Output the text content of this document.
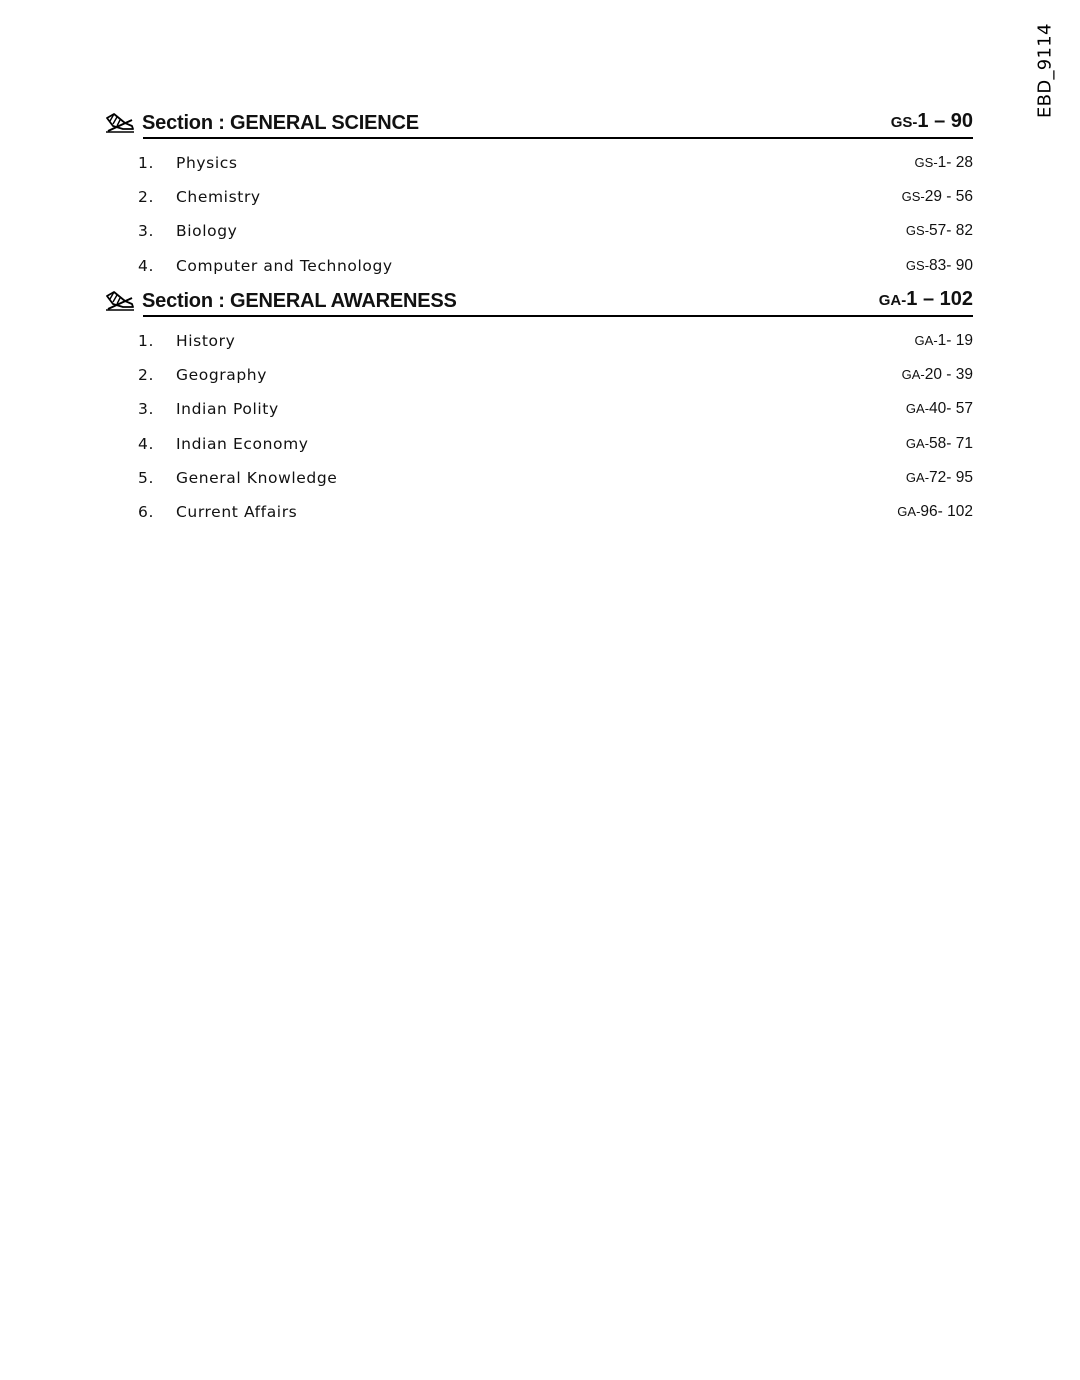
EBD_9114
Section : GENERAL SCIENCE	GS-1 – 90
1.	Physics	GS-1- 28
2.	Chemistry	GS-29 - 56
3.	Biology	GS-57- 82
4.	Computer and Technology	GS-83- 90
Section : GENERAL AWARENESS	GA-1 – 102
1.	History	GA-1- 19
2.	Geography	GA-20 - 39
3.	Indian Polity	GA-40- 57
4.	Indian Economy	GA-58- 71
5.	General Knowledge	GA-72- 95
6.	Current Affairs	GA-96- 102
